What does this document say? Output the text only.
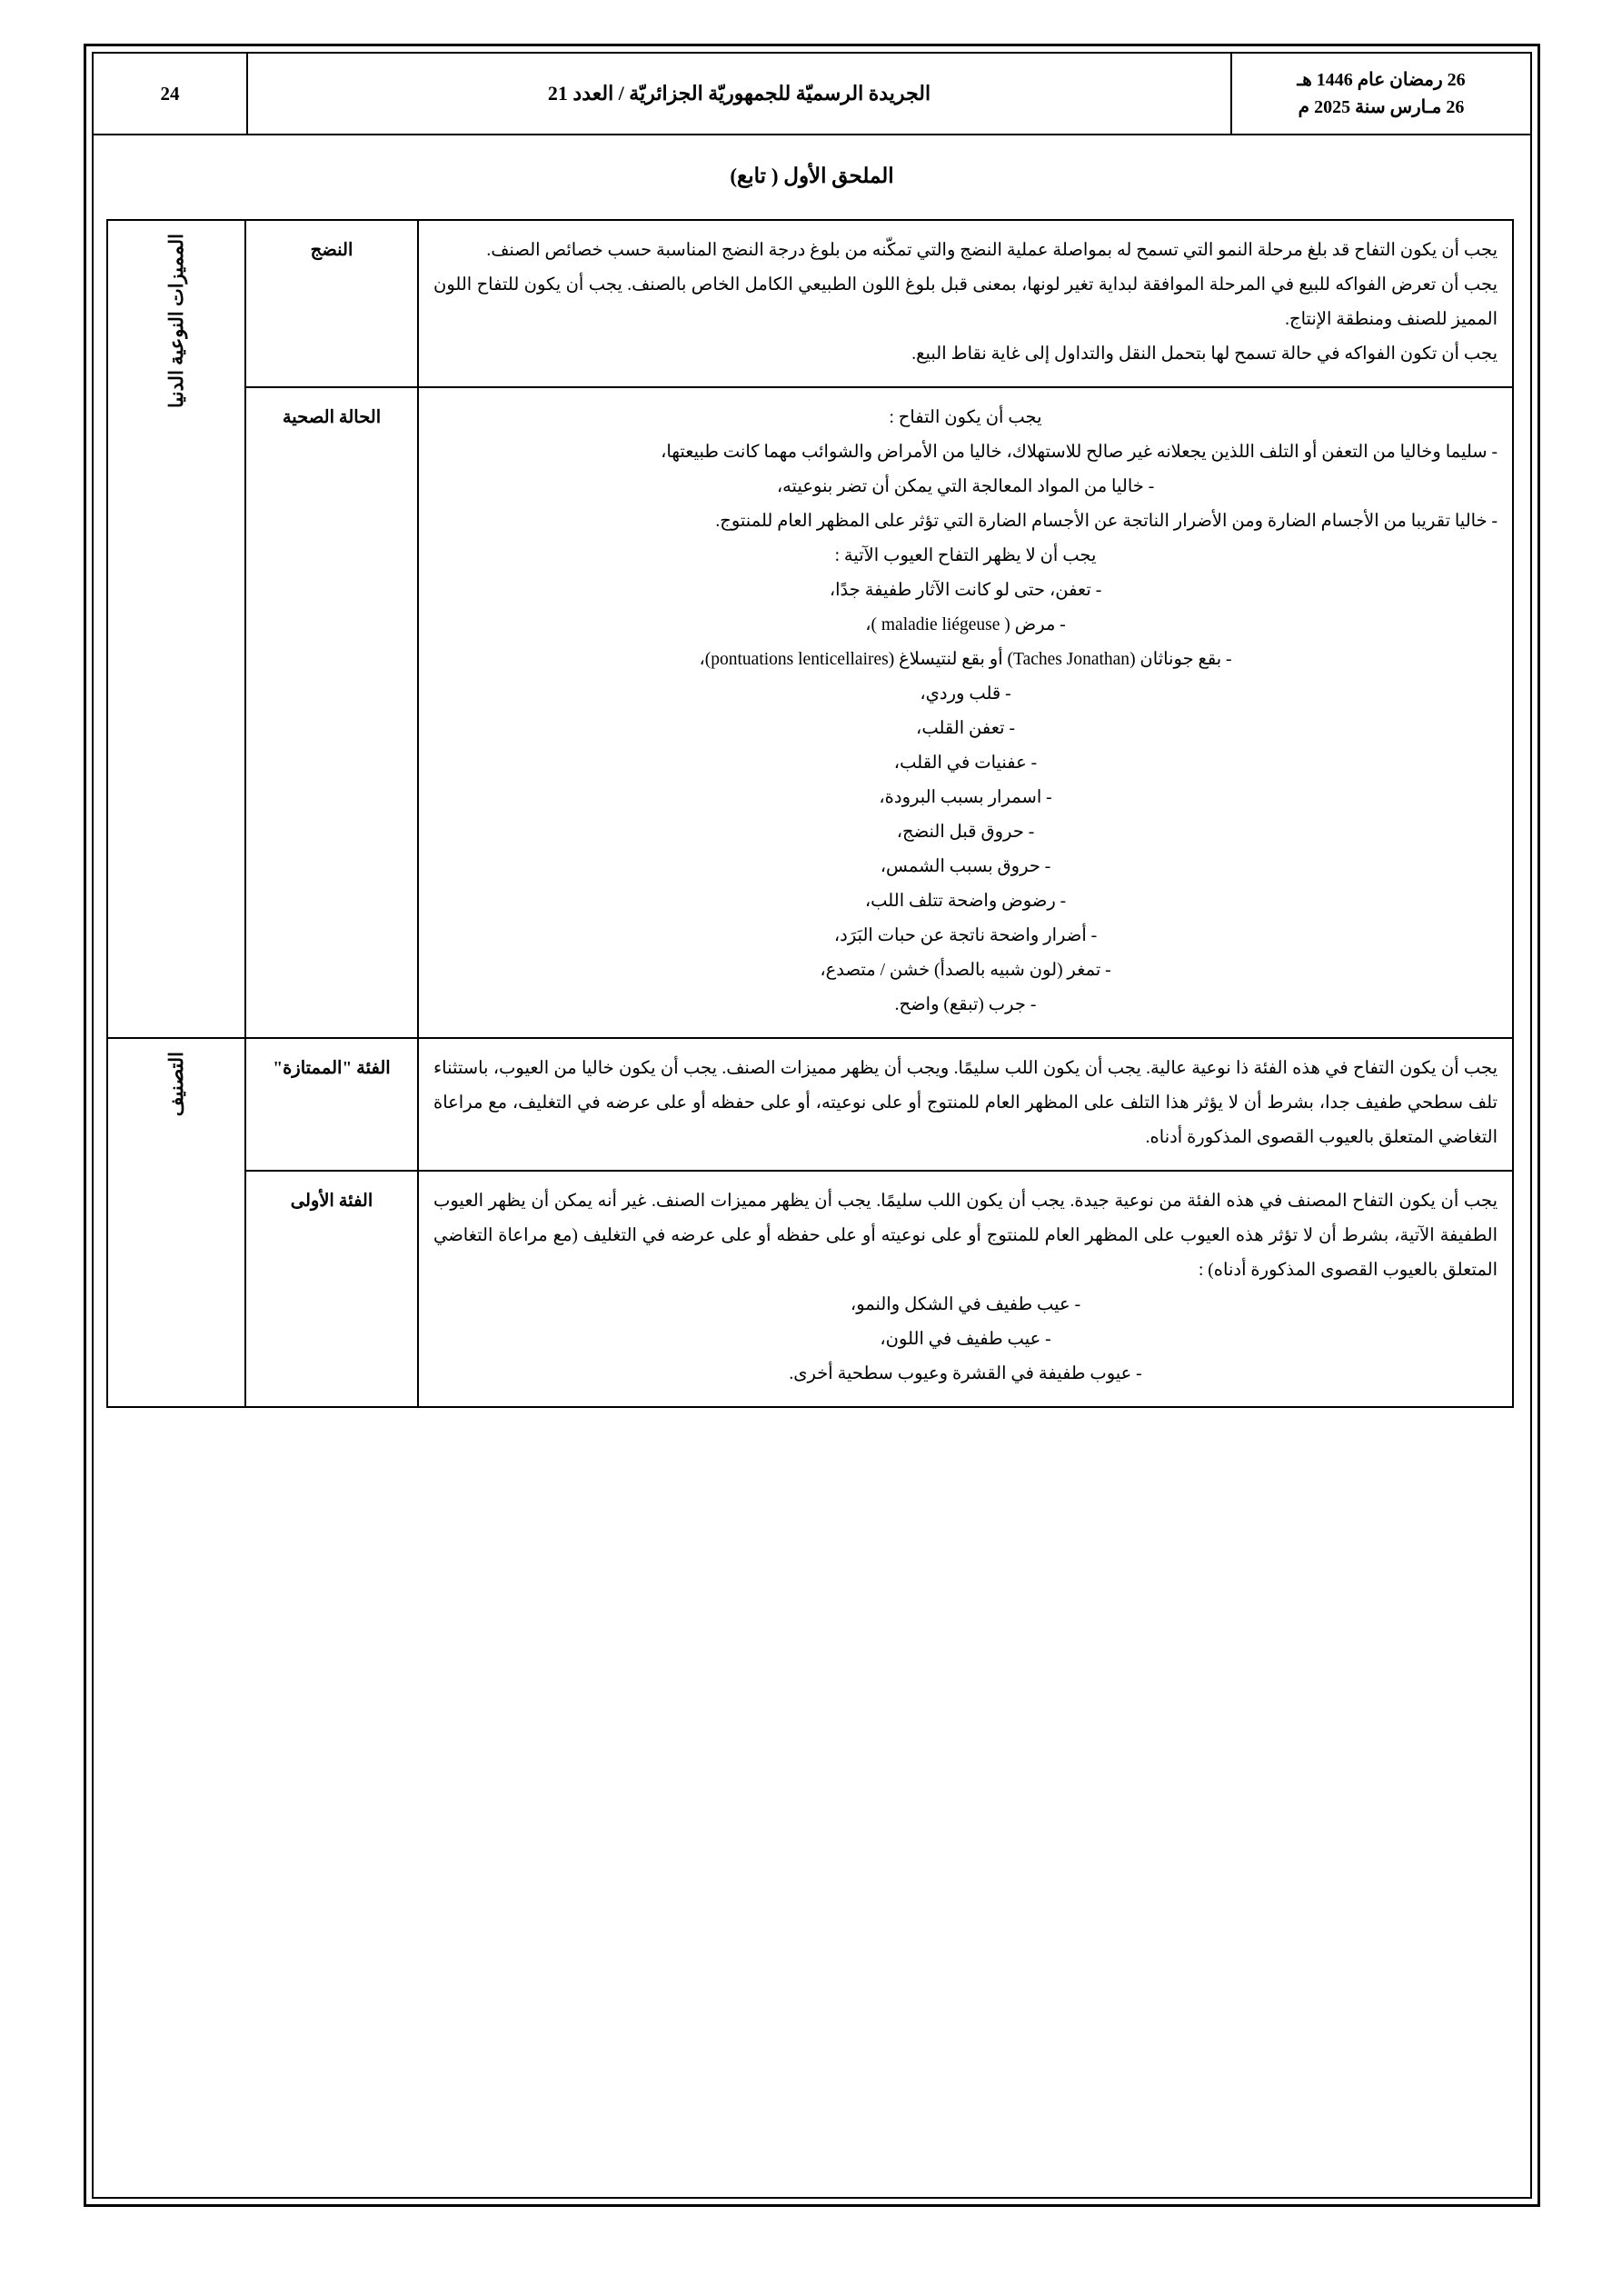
26 رمضان عام 1446 هـ
26 مـارس سنة 2025 م
الجريدة الرسميّة للجمهوريّة الجزائريّة / العدد 21
24
الملحق الأول ( تابع)

يجب أن يكون التفاح قد بلغ مرحلة النمو التي تسمح له بمواصلة عملية النضج والتي تمكّنه من بلوغ درجة النضج المناسبة حسب خصائص الصنف.

يجب أن تعرض الفواكه للبيع في المرحلة الموافقة لبداية تغير لونها، بمعنى قبل بلوغ اللون الطبيعي الكامل الخاص بالصنف. يجب أن يكون للتفاح اللون المميز للصنف ومنطقة الإنتاج.

يجب أن تكون الفواكه في حالة تسمح لها بتحمل النقل والتداول إلى غاية نقاط البيع.	النضج	المميزات النوعية الدنيا

يجب أن يكون التفاح :

- سليما وخاليا من التعفن أو التلف اللذين يجعلانه غير صالح للاستهلاك، خاليا من الأمراض والشوائب مهما كانت طبيعتها،

- خاليا من المواد المعالجة التي يمكن أن تضر بنوعيته،

- خاليا تقريبا من الأجسام الضارة ومن الأضرار الناتجة عن الأجسام الضارة التي تؤثر على المظهر العام للمنتوج.

يجب أن لا يظهر التفاح العيوب الآتية :

- تعفن، حتى لو كانت الآثار طفيفة جدًا،

- مرض ( maladie liégeuse )،

- بقع جوناثان (Taches Jonathan) أو بقع لنتيسلاغ (pontuations lenticellaires)،

- قلب وردي،

- تعفن القلب،

- عفنيات في القلب،

- اسمرار بسبب البرودة،

- حروق قبل النضج،

- حروق بسبب الشمس،

- رضوض واضحة تتلف اللب،

- أضرار واضحة ناتجة عن حبات البَرَد،

- تمغر (لون شبيه بالصدأ) خشن / متصدع،

- جرب (تبقع) واضح.

	الحالة الصحية

يجب أن يكون التفاح في هذه الفئة ذا نوعية عالية. يجب أن يكون اللب سليمًا. ويجب أن يظهر مميزات الصنف. يجب أن يكون خاليا من العيوب، باستثناء تلف سطحي طفيف جدا، بشرط أن لا يؤثر هذا التلف على المظهر العام للمنتوج أو على نوعيته، أو على حفظه أو على عرضه في التغليف، مع مراعاة التغاضي المتعلق بالعيوب القصوى المذكورة أدناه.	الفئة "الممتازة"	التصنيف

يجب أن يكون التفاح المصنف في هذه الفئة من نوعية جيدة. يجب أن يكون اللب سليمًا. يجب أن يظهر مميزات الصنف. غير أنه يمكن أن يظهر العيوب الطفيفة الآتية، بشرط أن لا تؤثر هذه العيوب على المظهر العام للمنتوج أو على نوعيته أو على حفظه أو على عرضه في التغليف (مع مراعاة التغاضي المتعلق بالعيوب القصوى المذكورة أدناه) :

- عيب طفيف في الشكل والنمو،

- عيب طفيف في اللون،

- عيوب طفيفة في القشرة وعيوب سطحية أخرى.	الفئة الأولى	
